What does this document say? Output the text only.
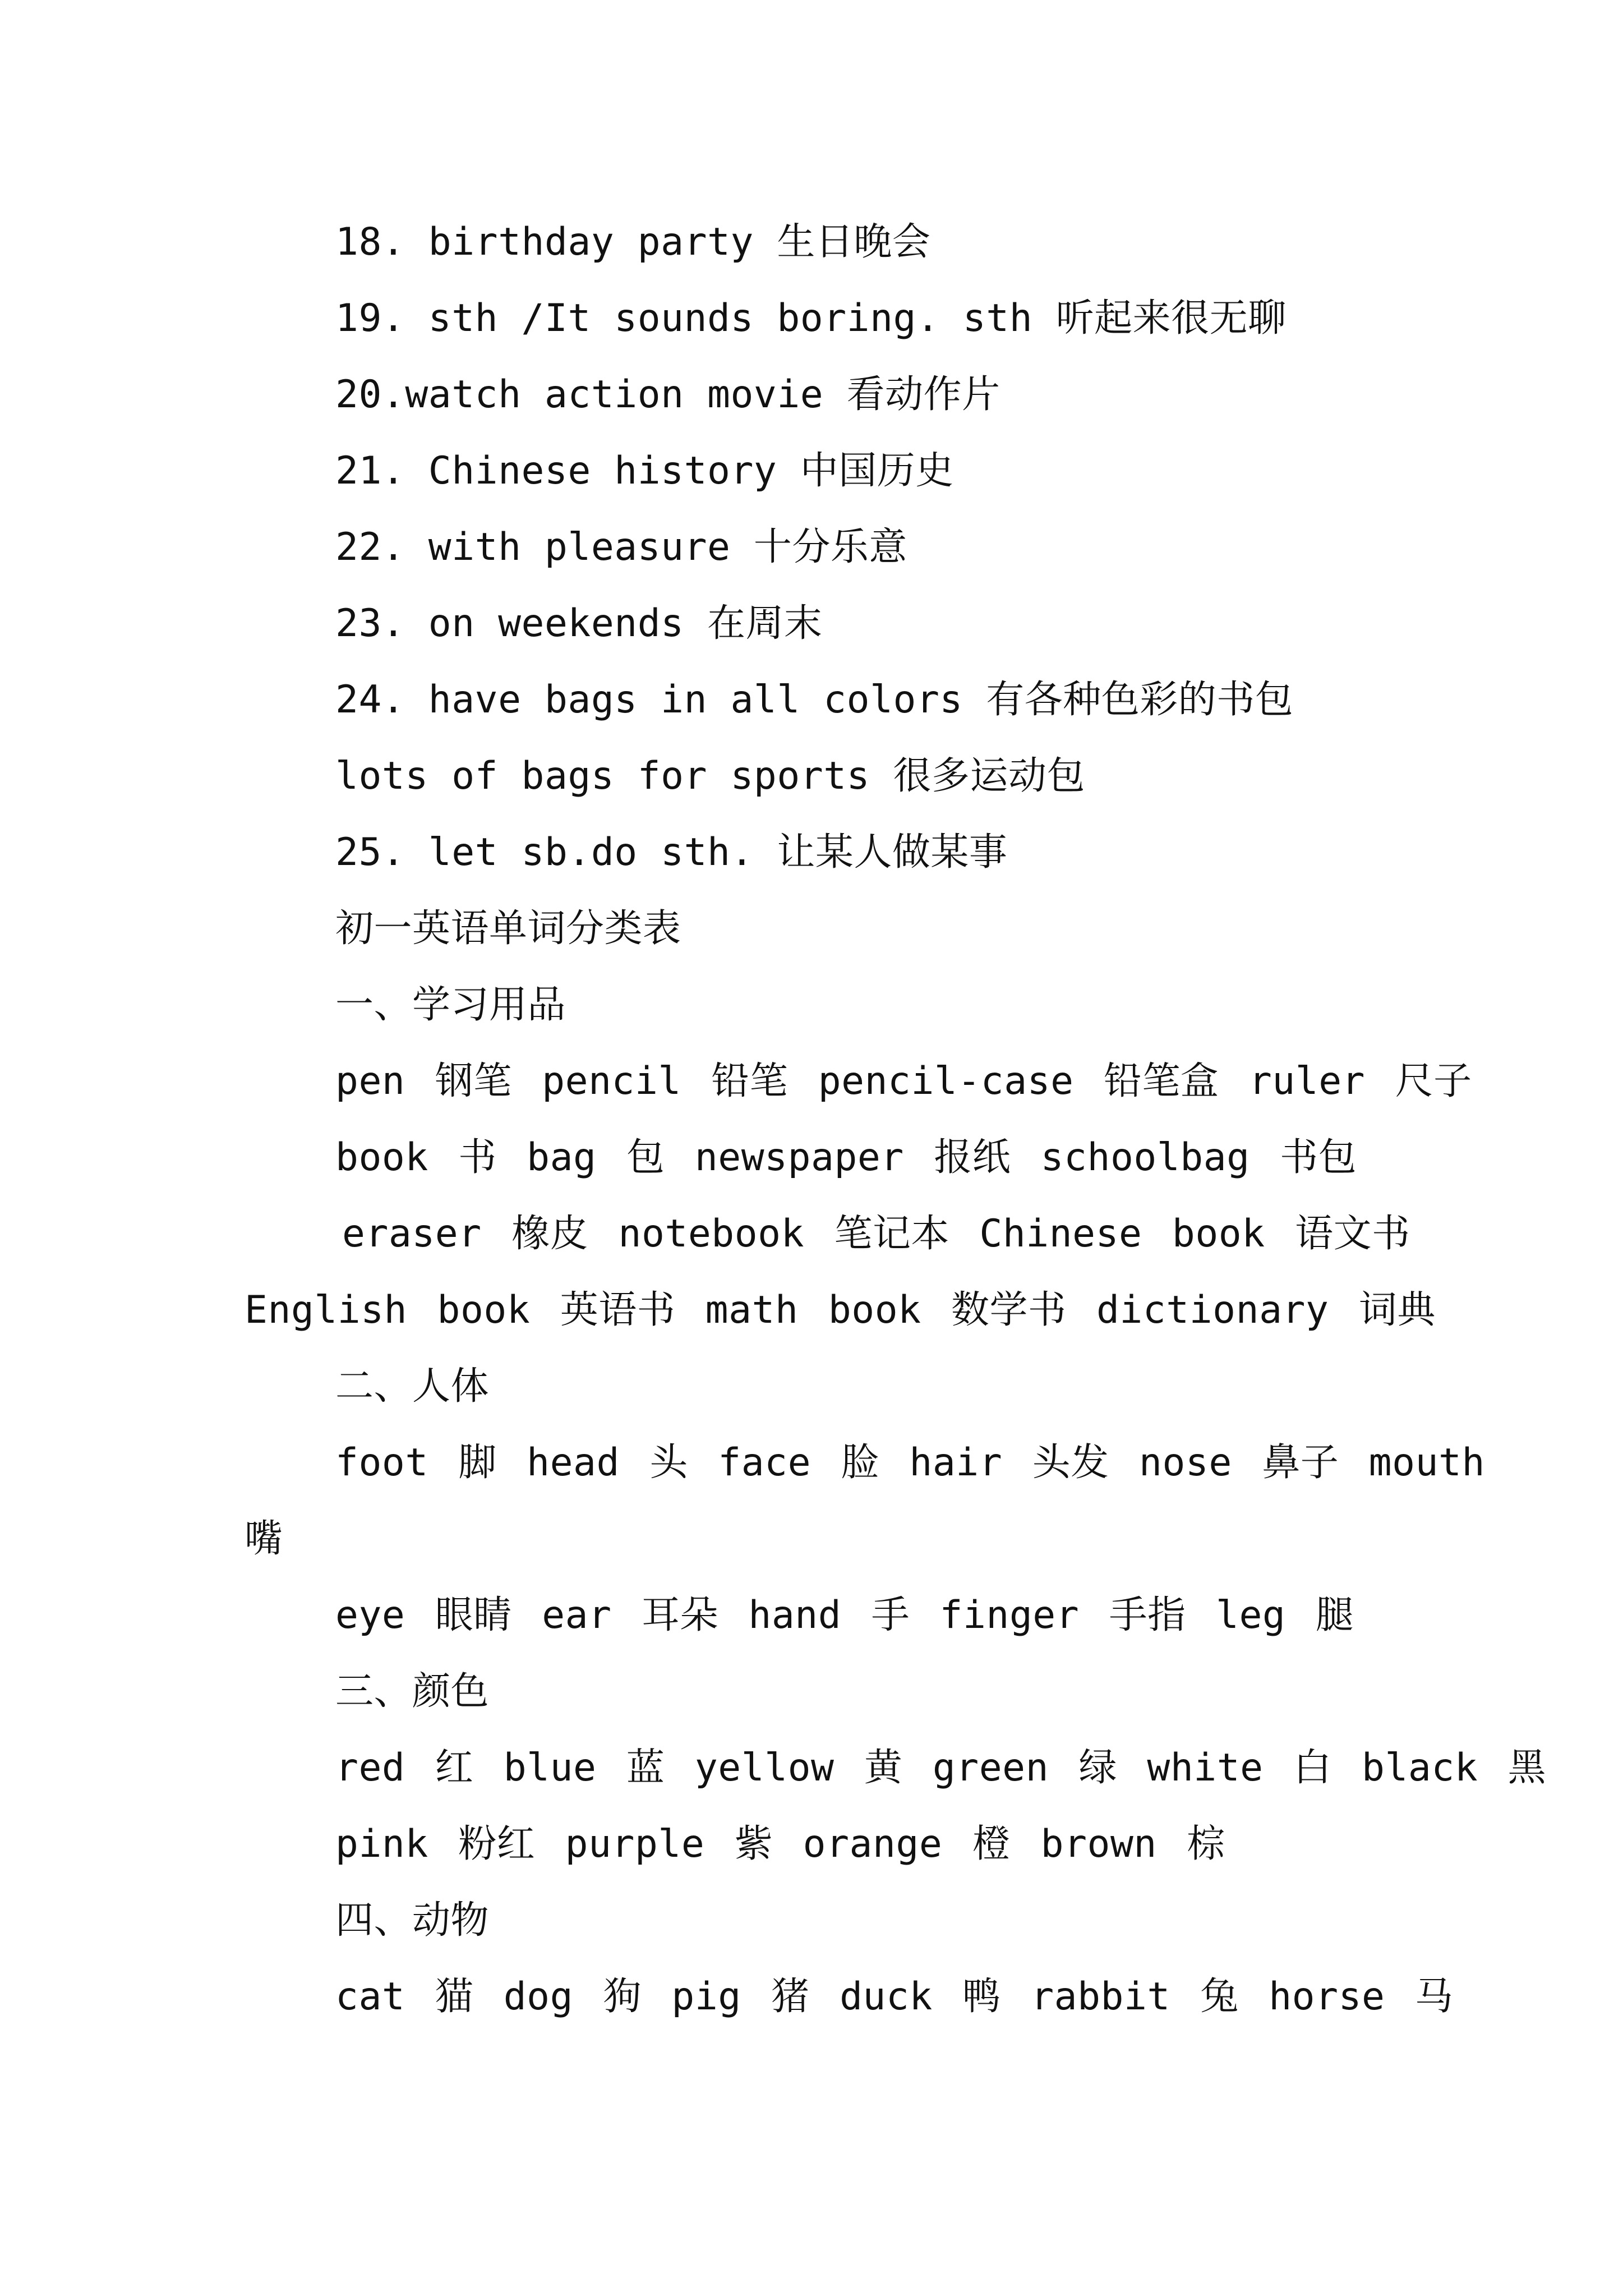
18. birthday party 生日晚会
19. sth /It sounds boring. sth 听起来很无聊
20.watch action movie 看动作片
21. Chinese history 中国历史
22. with pleasure 十分乐意
23. on weekends 在周末
24. have bags in all colors 有各种色彩的书包
lots of bags for sports 很多运动包
25. let sb.do sth. 让某人做某事
初一英语单词分类表
一、学习用品
pen 钢笔 pencil 铅笔 pencil-case 铅笔盒 ruler 尺子
book 书 bag 包 newspaper 报纸 schoolbag 书包
eraser 橡皮 notebook 笔记本 Chinese book 语文书
English book 英语书 math book 数学书 dictionary 词典
二、人体
foot 脚 head 头 face 脸 hair 头发 nose 鼻子 mouth
嘴
eye 眼睛 ear 耳朵 hand 手 finger 手指 leg 腿
三、颜色
red 红 blue 蓝 yellow 黄 green 绿 white 白 black 黑
pink 粉红 purple 紫 orange 橙 brown 棕
四、动物
cat 猫 dog 狗 pig 猪 duck 鸭 rabbit 兔 horse 马
